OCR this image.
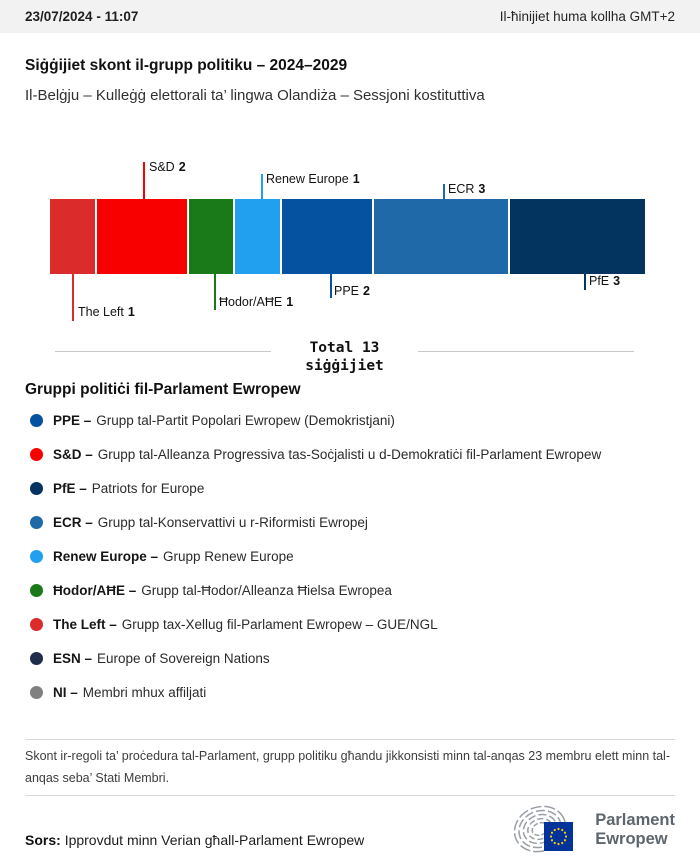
23/07/2024 - 11:07	Il-ħinijiet huma kollha GMT+2
Siġġijiet skont il-grupp politiku – 2024–2029
Il-Belġju – Kulleġġ elettorali ta’ lingwa Olandiża – Sessjoni kostituttiva
The Left 1
S&D 2
Ħodor/AĦE 1
Renew Europe 1
PPE 2
ECR 3
PfE 3
Total 13
siġġijiet
Gruppi politiċi fil-Parlament Ewropew
PPE – Grupp tal-Partit Popolari Ewropew (Demokristjani)
S&D – Grupp tal-Alleanza Progressiva tas-Soċjalisti u d-Demokratiċi fil-Parlament Ewropew
PfE – Patriots for Europe
ECR – Grupp tal-Konservattivi u r-Riformisti Ewropej
Renew Europe – Grupp Renew Europe
Ħodor/AĦE – Grupp tal-Ħodor/Alleanza Ħielsa Ewropea
The Left – Grupp tax-Xellug fil-Parlament Ewropew – GUE/NGL
ESN – Europe of Sovereign Nations
NI – Membri mhux affiljati

Skont ir-regoli ta’ proċedura tal-Parlament, grupp politiku għandu jikkonsisti minn tal-anqas 23 membru elett minn tal-anqas seba’ Stati Membri.

Sors: Ipprovdut minn Verian għall-Parlament Ewropew
Parlament
Ewropew
